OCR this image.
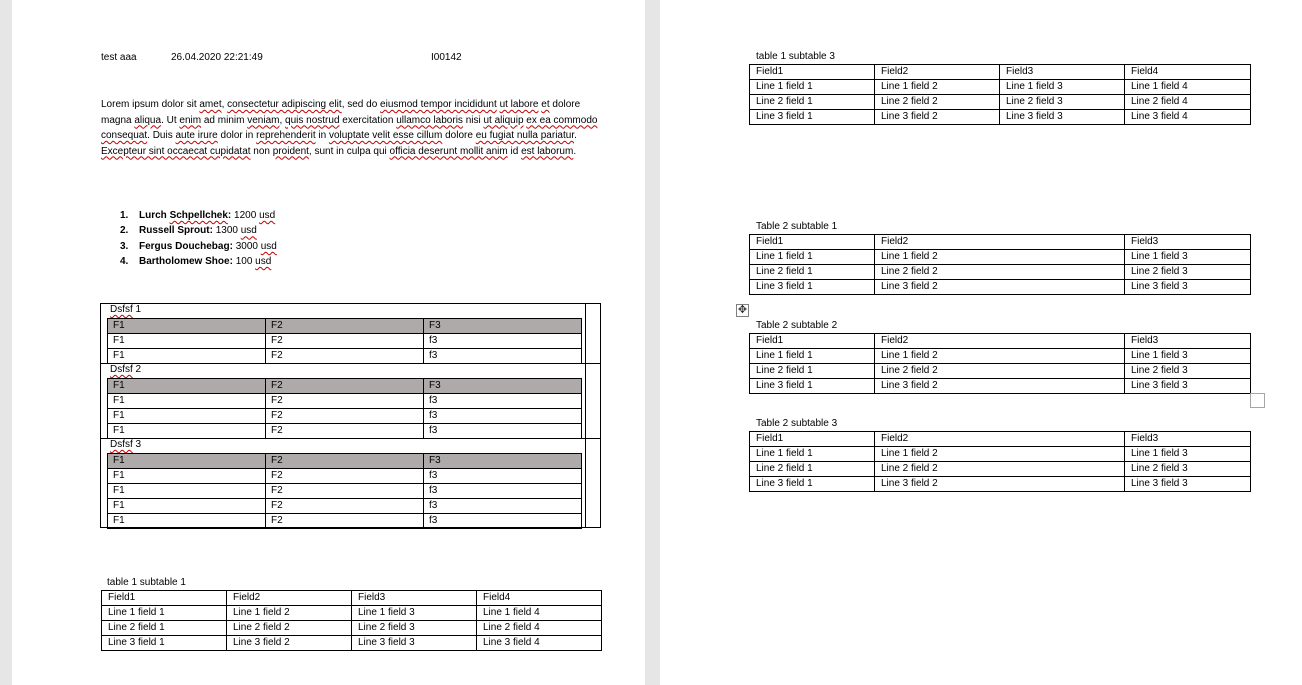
test aaa	26.04.2020 22:21:49	I00142
Lorem ipsum dolor sit amet, consectetur adipiscing elit, sed do eiusmod tempor incididunt ut labore et dolore magna aliqua. Ut enim ad minim veniam, quis nostrud exercitation ullamco laboris nisi ut aliquip ex ea commodo consequat. Duis aute irure dolor in reprehenderit in voluptate velit esse cillum dolore eu fugiat nulla pariatur. Excepteur sint occaecat cupidatat non proident, sunt in culpa qui officia deserunt mollit anim id est laborum.
1. Lurch Schpellchek: 1200 usd
2. Russell Sprout: 1300 usd
3. Fergus Douchebag: 3000 usd
4. Bartholomew Shoe: 100 usd
table 1 subtable 1
Field1	Field2	Field3	Field4
Line 1 field 1	Line 1 field 2	Line 1 field 3	Line 1 field 4
Line 2 field 1	Line 2 field 2	Line 2 field 3	Line 2 field 4
Line 3 field 1	Line 3 field 2	Line 3 field 3	Line 3 field 4
Dsfsf 1
F1	F2	F3
F1	F2	f3
F1	F2	f3
Dsfsf 2
F1	F2	F3
F1	F2	f3
F1	F2	f3
F1	F2	f3
Dsfsf 3
F1	F2	F3
F1	F2	f3
F1	F2	f3
F1	F2	f3
F1	F2	f3
table 1 subtable 3
Field1	Field2	Field3	Field4
Line 1 field 1	Line 1 field 2	Line 1 field 3	Line 1 field 4
Line 2 field 1	Line 2 field 2	Line 2 field 3	Line 2 field 4
Line 3 field 1	Line 3 field 2	Line 3 field 3	Line 3 field 4
Table 2 subtable 1
Field1	Field2	Field3
Line 1 field 1	Line 1 field 2	Line 1 field 3
Line 2 field 1	Line 2 field 2	Line 2 field 3
Line 3 field 1	Line 3 field 2	Line 3 field 3
✥
Table 2 subtable 2
Field1	Field2	Field3
Line 1 field 1	Line 1 field 2	Line 1 field 3
Line 2 field 1	Line 2 field 2	Line 2 field 3
Line 3 field 1	Line 3 field 2	Line 3 field 3
Table 2 subtable 3
Field1	Field2	Field3
Line 1 field 1	Line 1 field 2	Line 1 field 3
Line 2 field 1	Line 2 field 2	Line 2 field 3
Line 3 field 1	Line 3 field 2	Line 3 field 3
